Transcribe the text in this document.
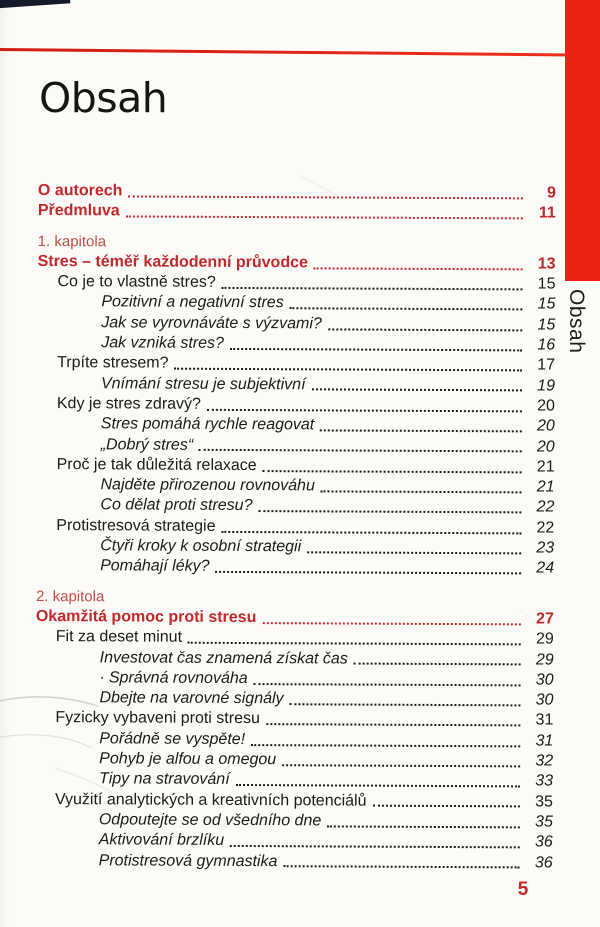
Obsah
Obsah
O autorech	9
Předmluva	11
1. kapitola
Stres – téměř každodenní průvodce	13
Co je to vlastně stres?	15
Pozitivní a negativní stres	15
Jak se vyrovnáváte s výzvami?	15
Jak vzniká stres?	16
Trpíte stresem?	17
Vnímání stresu je subjektivní	19
Kdy je stres zdravý?	20
Stres pomáhá rychle reagovat	20
„Dobrý stres“	20
Proč je tak důležitá relaxace	21
Najděte přirozenou rovnováhu	21
Co dělat proti stresu?	22
Protistresová strategie	22
Čtyři kroky k osobní strategii	23
Pomáhají léky?	24
2. kapitola
Okamžitá pomoc proti stresu	27
Fit za deset minut	29
Investovat čas znamená získat čas	29
· Správná rovnováha	30
Dbejte na varovné signály	30
Fyzicky vybaveni proti stresu	31
Pořádně se vyspěte!	31
Pohyb je alfou a omegou	32
Tipy na stravování	33
Využití analytických a kreativních potenciálů	35
Odpoutejte se od všedního dne	35
Aktivování brzlíku	36
Protistresová gymnastika	36
5
